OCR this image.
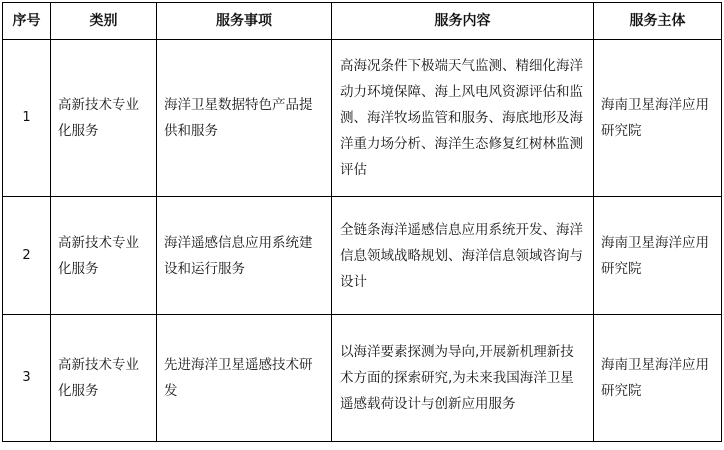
序号	类别	服务事项	服务内容	服务主体
1	高新技术专业化服务	海洋卫星数据特色产品提供和服务	高海况条件下极端天气监测、精细化海洋动力环境保障、海上风电风资源评估和监测、海洋牧场监管和服务、海底地形及海洋重力场分析、海洋生态修复红树林监测评估	海南卫星海洋应用研究院
2	高新技术专业化服务	海洋遥感信息应用系统建设和运行服务	全链条海洋遥感信息应用系统开发、海洋信息领域战略规划、海洋信息领域咨询与设计	海南卫星海洋应用研究院
3	高新技术专业化服务	先进海洋卫星遥感技术研发	以海洋要素探测为导向,开展新机理新技术方面的探索研究,为未来我国海洋卫星遥感载荷设计与创新应用服务	海南卫星海洋应用研究院
